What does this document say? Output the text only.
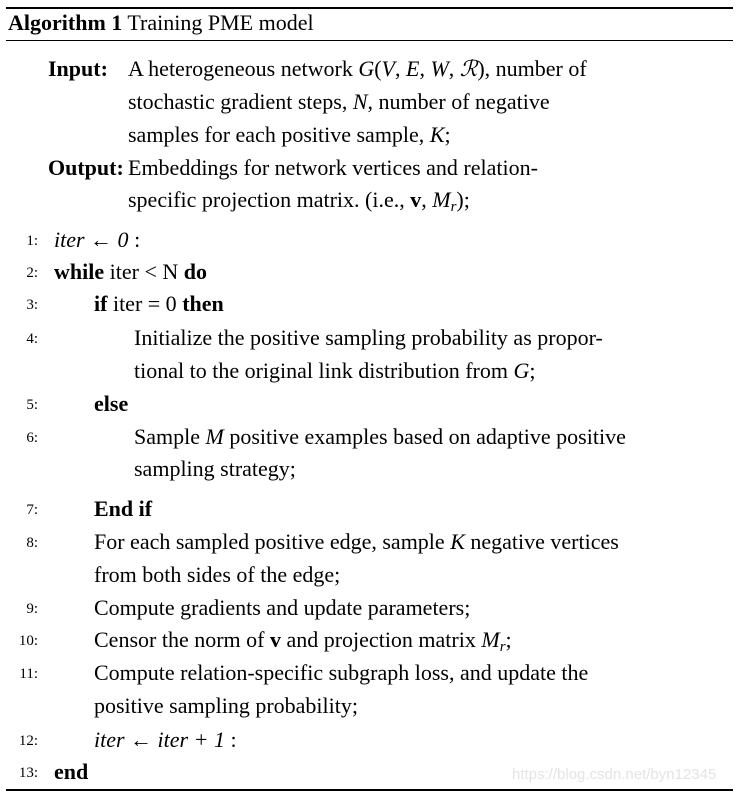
Algorithm 1 Training PME model
Input: A heterogeneous network G(V, E, W, ℛ), number of
stochastic gradient steps, N, number of negative
samples for each positive sample, K;
Output: Embeddings for network vertices and relation-
specific projection matrix. (i.e., v, $M_r$);
1: iter ← 0 :
2: while iter < N do
3:	if iter = 0 then
4:	Initialize the positive sampling probability as propor-
tional to the original link distribution from G;
5:	else
6:	Sample M positive examples based on adaptive positive
sampling strategy;
7:	End if
8:	For each sampled positive edge, sample K negative vertices
from both sides of the edge;
9:	Compute gradients and update parameters;
10:	Censor the norm of v and projection matrix $M_r$;
11:	Compute relation-specific subgraph loss, and update the
positive sampling probability;
12:	iter ← iter + 1 :
13: end	https://blog.csdn.net/byn12345
